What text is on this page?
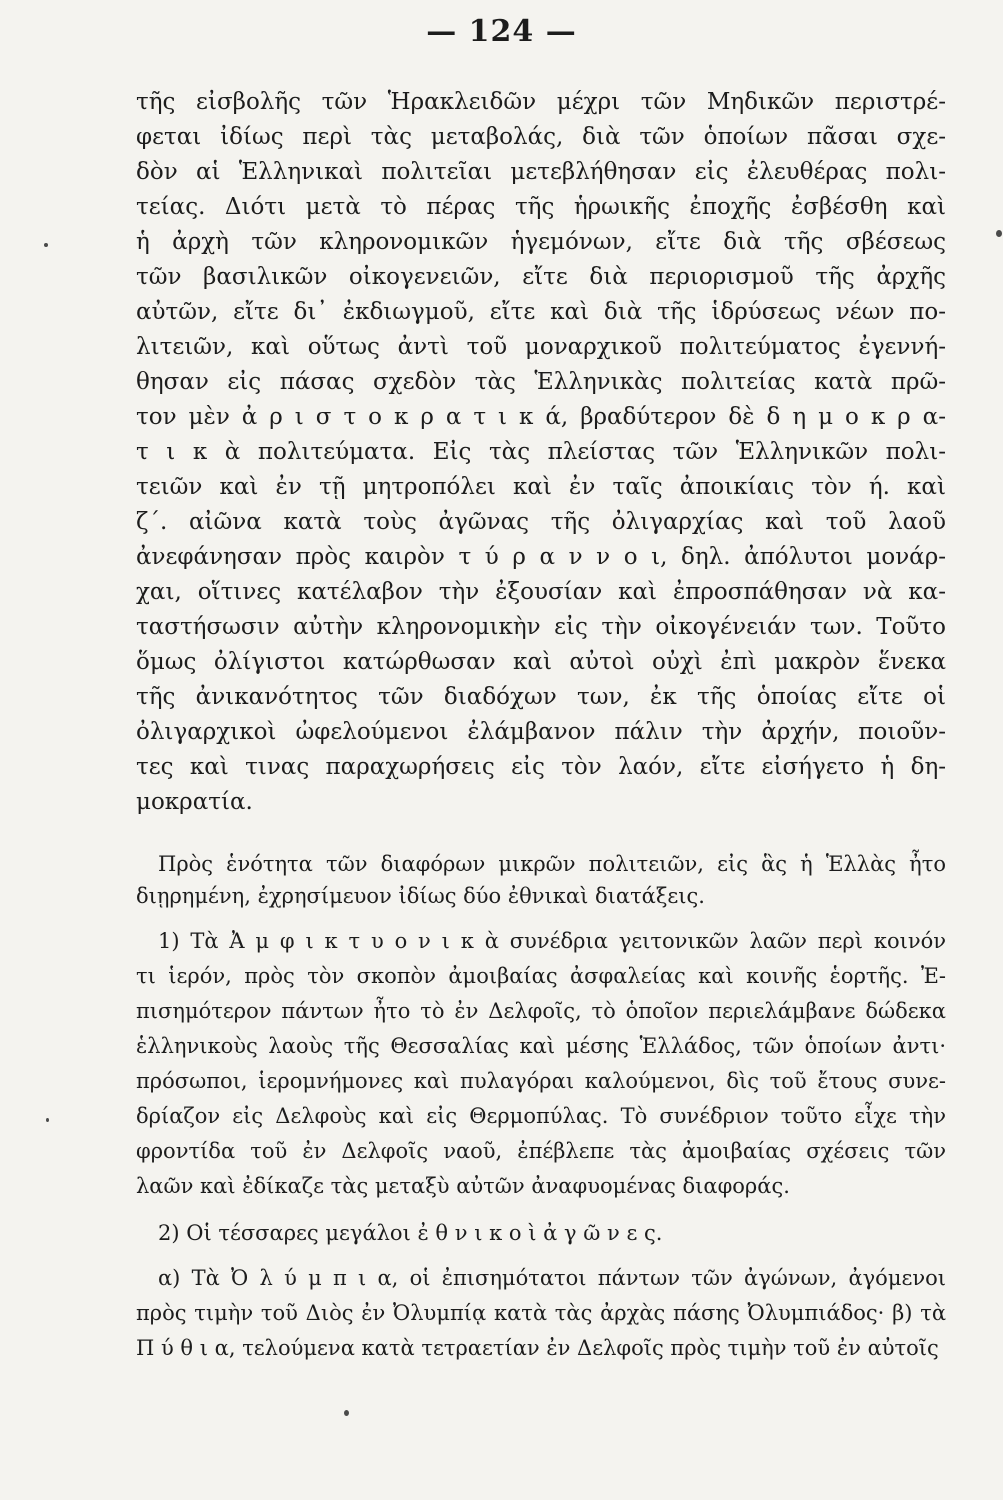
— 124 —
τῆς εἰσβολῆς τῶν Ἡρακλειδῶν μέχρι τῶν Μηδικῶν περιστρέ-
φεται ἰδίως περὶ τὰς μεταβολάς, διὰ τῶν ὁποίων πᾶσαι σχε-
δὸν αἱ Ἑλληνικαὶ πολιτεῖαι μετεβλήθησαν εἰς ἐλευθέρας πολι-
τείας. Διότι μετὰ τὸ πέρας τῆς ἡρωικῆς ἐποχῆς ἐσβέσθη καὶ
ἡ ἀρχὴ τῶν κληρονομικῶν ἡγεμόνων, εἴτε διὰ τῆς σβέσεως
τῶν βασιλικῶν οἰκογενειῶν, εἴτε διὰ περιορισμοῦ τῆς ἀρχῆς
αὐτῶν, εἴτε δι᾽ ἐκδιωγμοῦ, εἴτε καὶ διὰ τῆς ἱδρύσεως νέων πο-
λιτειῶν, καὶ οὕτως ἀντὶ τοῦ μοναρχικοῦ πολιτεύματος ἐγεννή-
θησαν εἰς πάσας σχεδὸν τὰς Ἑλληνικὰς πολιτείας κατὰ πρῶ-
τον μὲν ἀ ρ ι σ τ ο κ ρ α τ ι κ ά, βραδύτερον δὲ δ η μ ο κ ρ α-
τ ι κ ὰ πολιτεύματα. Εἰς τὰς πλείστας τῶν Ἑλληνικῶν πολι-
τειῶν καὶ ἐν τῇ μητροπόλει καὶ ἐν ταῖς ἀποικίαις τὸν ή. καὶ
ζ΄. αἰῶνα κατὰ τοὺς ἀγῶνας τῆς ὀλιγαρχίας καὶ τοῦ λαοῦ
ἀνεφάνησαν πρὸς καιρὸν τ ύ ρ α ν ν ο ι, δηλ. ἀπόλυτοι μονάρ-
χαι, οἵτινες κατέλαβον τὴν ἐξουσίαν καὶ ἐπροσπάθησαν νὰ κα-
ταστήσωσιν αὐτὴν κληρονομικὴν εἰς τὴν οἰκογένειάν των. Τοῦτο
ὅμως ὀλίγιστοι κατώρθωσαν καὶ αὐτοὶ οὐχὶ ἐπὶ μακρὸν ἕνεκα
τῆς ἀνικανότητος τῶν διαδόχων των, ἐκ τῆς ὁποίας εἴτε οἱ
ὀλιγαρχικοὶ ὠφελούμενοι ἐλάμβανον πάλιν τὴν ἀρχήν, ποιοῦν-
τες καὶ τινας παραχωρήσεις εἰς τὸν λαόν, εἴτε εἰσήγετο ἡ δη-
μοκρατία.
Πρὸς ἑνότητα τῶν διαφόρων μικρῶν πολιτειῶν, εἰς ἃς ἡ Ἑλλὰς ἦτο
διῃρημένη, ἐχρησίμευον ἰδίως δύο ἐθνικαὶ διατάξεις.
1) Τὰ Ἀ μ φ ι κ τ υ ο ν ι κ ὰ συνέδρια γειτονικῶν λαῶν περὶ κοινόν
τι ἱερόν, πρὸς τὸν σκοπὸν ἀμοιβαίας ἀσφαλείας καὶ κοινῆς ἑορτῆς. Ἐ-
πισημότερον πάντων ἦτο τὸ ἐν Δελφοῖς, τὸ ὁποῖον περιελάμβανε δώδεκα
ἑλληνικοὺς λαοὺς τῆς Θεσσαλίας καὶ μέσης Ἑλλάδος, τῶν ὁποίων ἀντι·
πρόσωποι, ἱερομνήμονες καὶ πυλαγόραι καλούμενοι, δὶς τοῦ ἔτους συνε-
δρίαζον εἰς Δελφοὺς καὶ εἰς Θερμοπύλας. Τὸ συνέδριον τοῦτο εἶχε τὴν
φροντίδα τοῦ ἐν Δελφοῖς ναοῦ, ἐπέβλεπε τὰς ἀμοιβαίας σχέσεις τῶν
λαῶν καὶ ἐδίκαζε τὰς μεταξὺ αὐτῶν ἀναφυομένας διαφοράς.
2) Οἱ τέσσαρες μεγάλοι ἐ θ ν ι κ ο ὶ ἀ γ ῶ ν ε ς.
α) Τὰ Ὀ λ ύ μ π ι α, οἱ ἐπισημότατοι πάντων τῶν ἀγώνων, ἀγόμενοι
πρὸς τιμὴν τοῦ Διὸς ἐν Ὀλυμπίᾳ κατὰ τὰς ἀρχὰς πάσης Ὀλυμπιάδος· β) τὰ
Π ύ θ ι α, τελούμενα κατὰ τετραετίαν ἐν Δελφοῖς πρὸς τιμὴν τοῦ ἐν αὐτοῖς
